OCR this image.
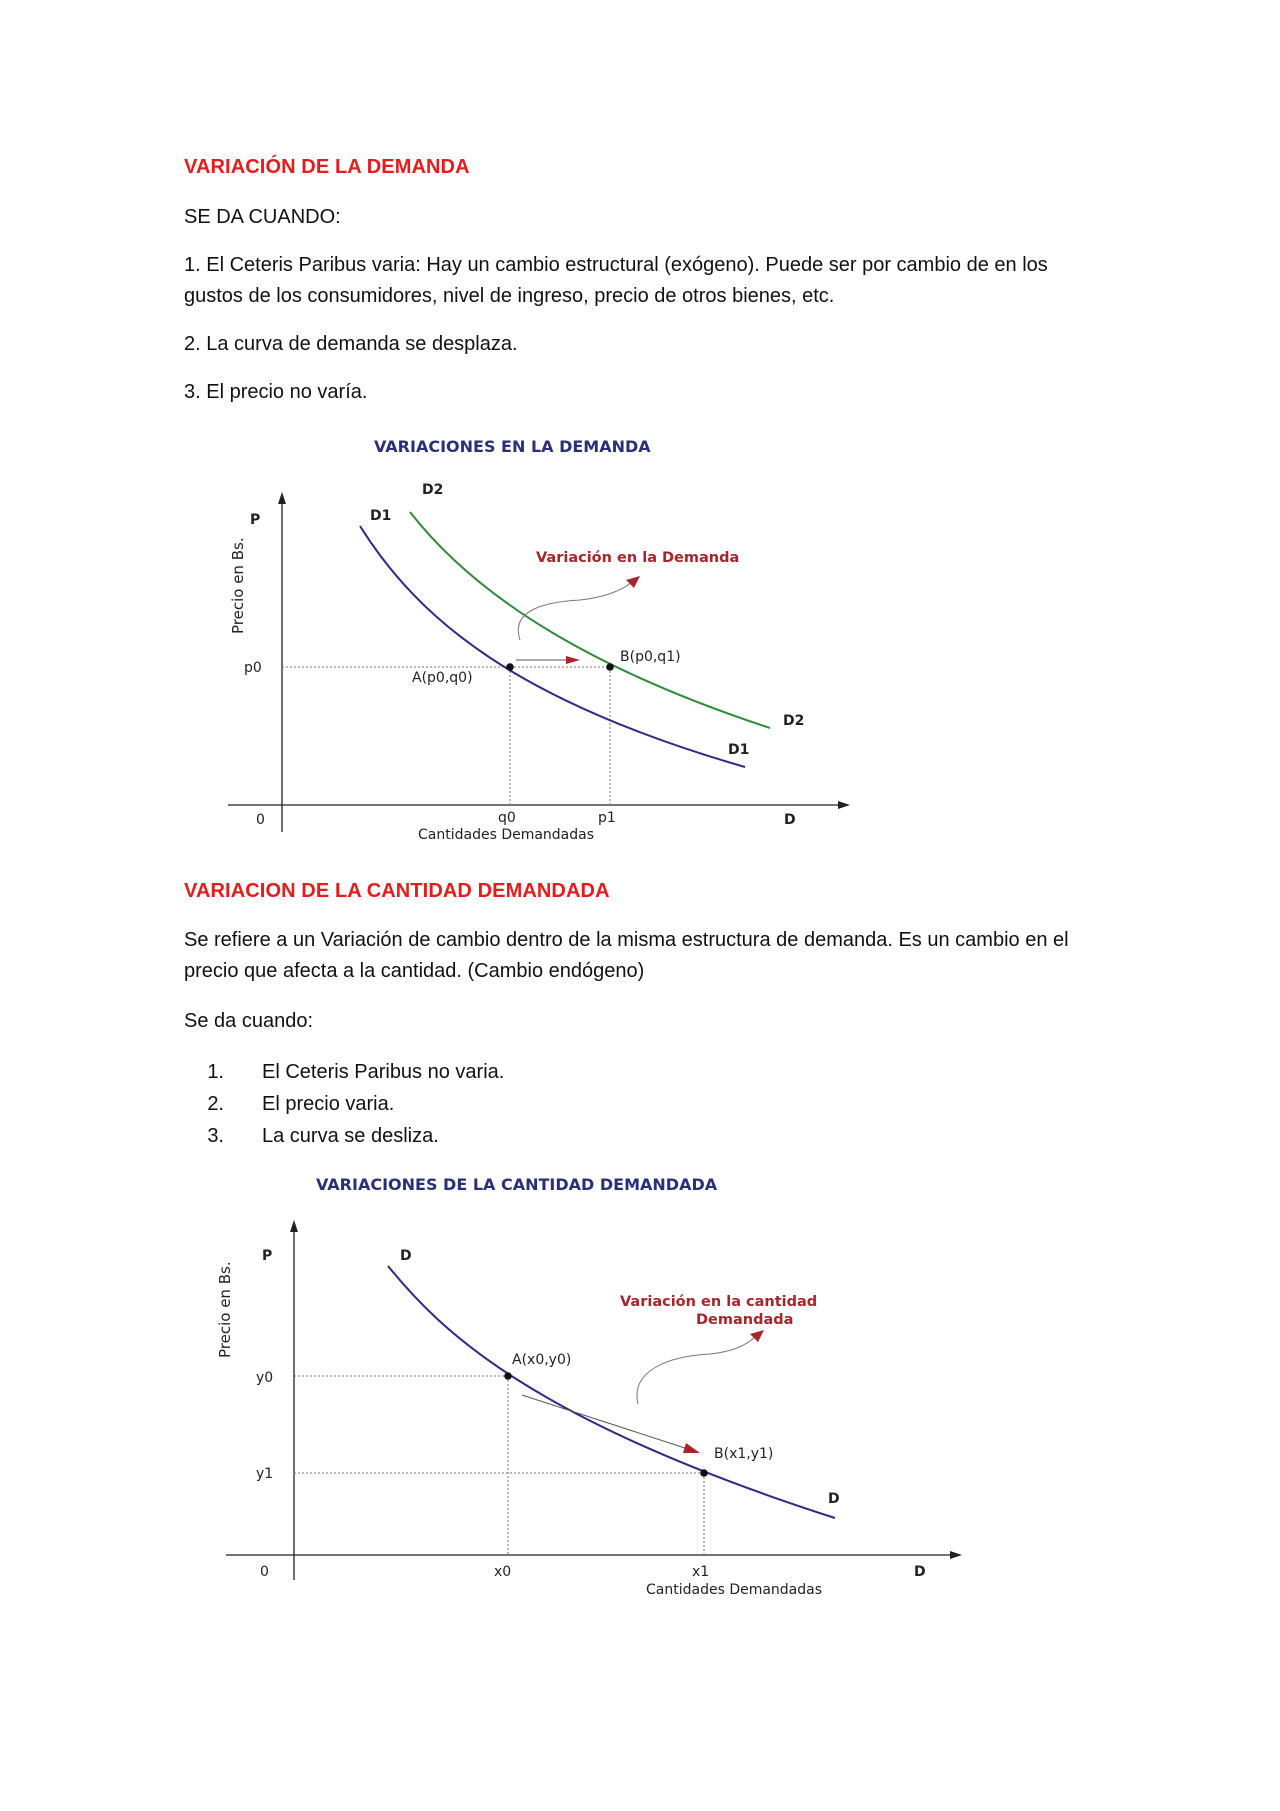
VARIACIÓN DE LA DEMANDA

SE DA CUANDO:

1. El Ceteris Paribus varia: Hay un cambio estructural (exógeno). Puede ser por cambio de en los gustos de los consumidores, nivel de ingreso, precio de otros bienes, etc.

2. La curva de demanda se desplaza.

3. El precio no varía.

VARIACIONES EN LA DEMANDA
P
Precio en Bs.
0	D
Cantidades Demandadas
D1
D2
D2
D1
p0
q0	p1
A(p0,q0)
B(p0,q1)
Variación en la Demanda
VARIACION DE LA CANTIDAD DEMANDADA

Se refiere a un Variación de cambio dentro de la misma estructura de demanda. Es un cambio en el precio que afecta a la cantidad. (Cambio endógeno)

Se da cuando:

1.	El Ceteris Paribus no varia.
2.	El precio varia.
3.	La curva se desliza.
VARIACIONES DE LA CANTIDAD DEMANDADA
P
Precio en Bs.
0	D
Cantidades Demandadas
D
D
y0
y1
x0	x1
A(x0,y0)
B(x1,y1)
Variación en la cantidad
Demandada
